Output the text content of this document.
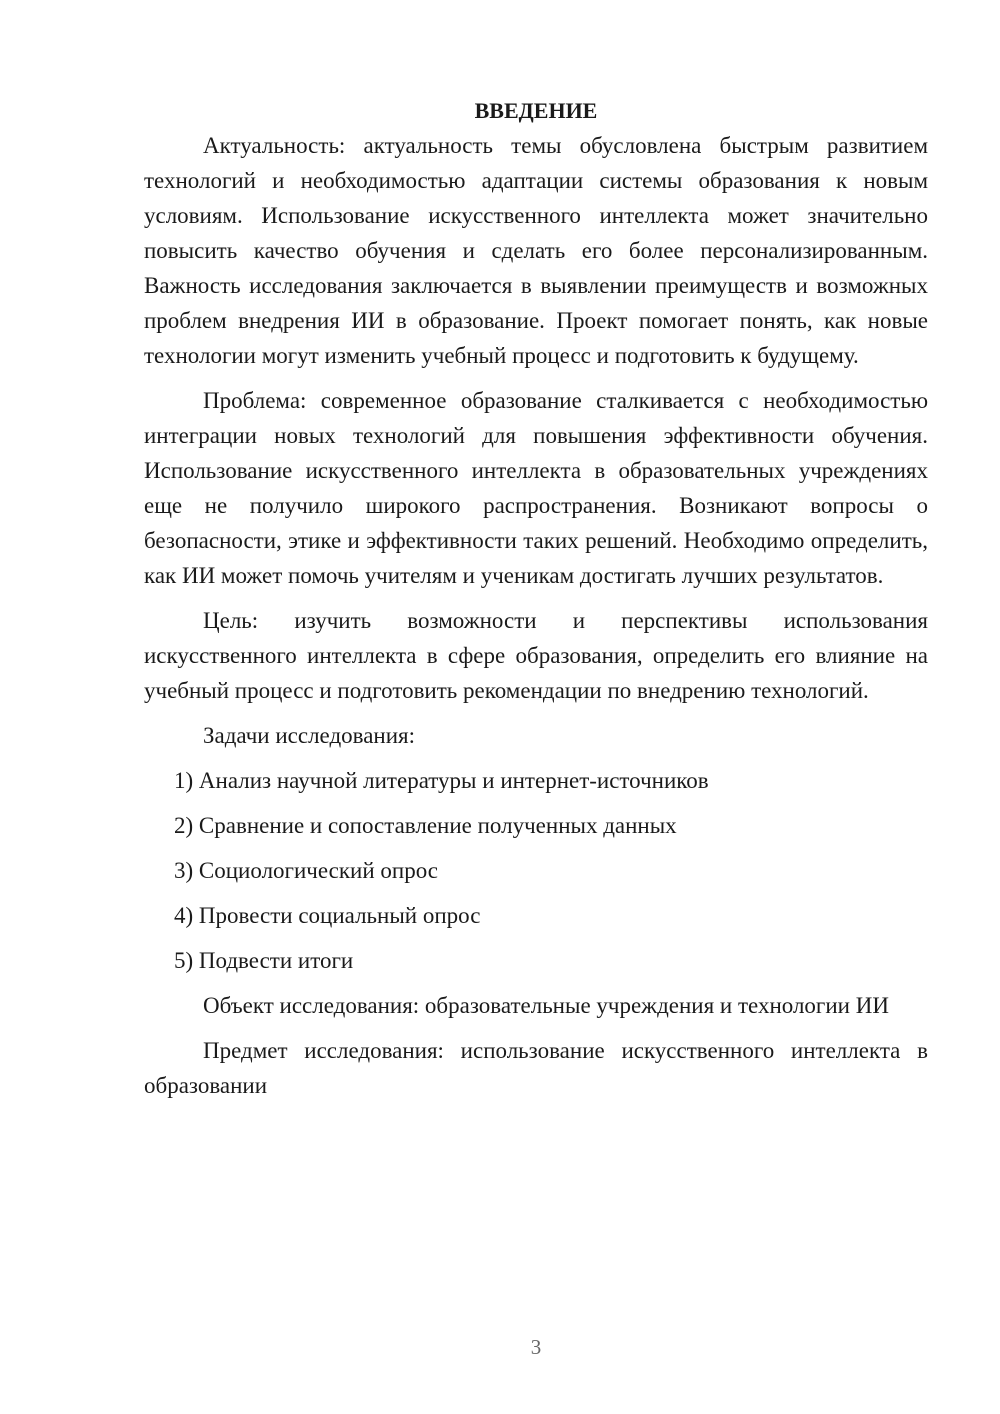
ВВЕДЕНИЕ

Актуальность: актуальность темы обусловлена быстрым развитием технологий и необходимостью адаптации системы образования к новым условиям. Использование искусственного интеллекта может значительно повысить качество обучения и сделать его более персонализированным. Важность исследования заключается в выявлении преимуществ и возможных проблем внедрения ИИ в образование. Проект помогает понять, как новые технологии могут изменить учебный процесс и подготовить к будущему.

Проблема: современное образование сталкивается с необходимостью интеграции новых технологий для повышения эффективности обучения. Использование искусственного интеллекта в образовательных учреждениях еще не получило широкого распространения. Возникают вопросы о безопасности, этике и эффективности таких решений. Необходимо определить, как ИИ может помочь учителям и ученикам достигать лучших результатов.

Цель: изучить возможности и перспективы использования искусственного интеллекта в сфере образования, определить его влияние на учебный процесс и подготовить рекомендации по внедрению технологий.

Задачи исследования:

1) Анализ научной литературы и интернет-источников

2) Сравнение и сопоставление полученных данных

3) Социологический опрос

4) Провести социальный опрос

5) Подвести итоги

Объект исследования: образовательные учреждения и технологии ИИ

Предмет исследования: использование искусственного интеллекта в образовании

3
